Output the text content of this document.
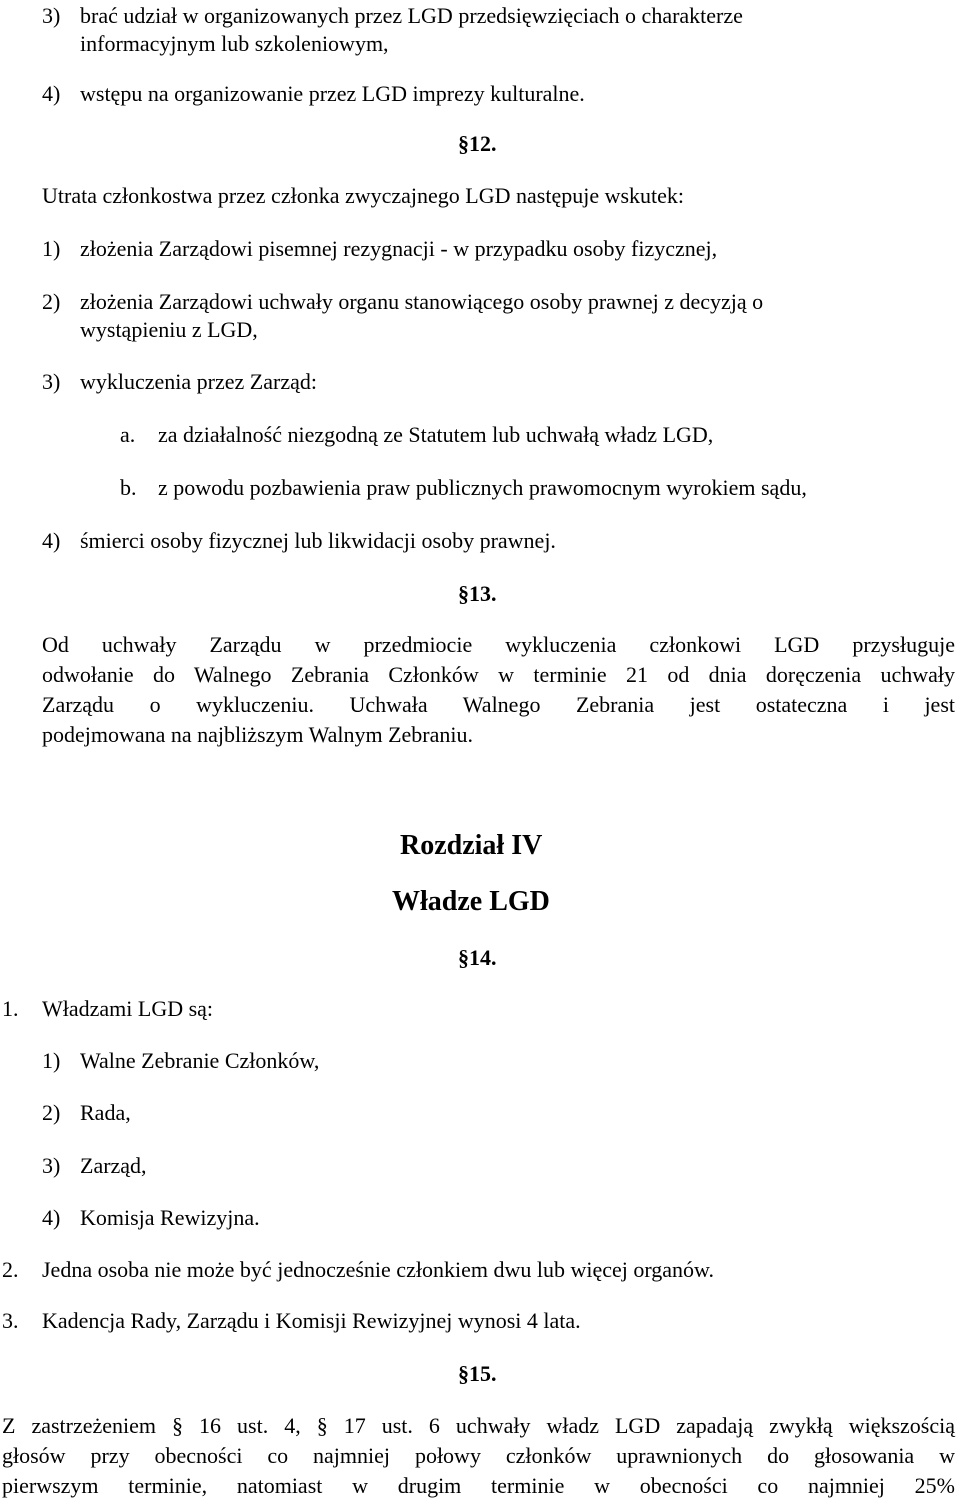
3) brać udział w organizowanych przez LGD przedsięwzięciach o charakterze
informacyjnym lub szkoleniowym,
4) wstępu na organizowanie przez LGD imprezy kulturalne.
§12.
Utrata członkostwa przez członka zwyczajnego LGD następuje wskutek:
1) złożenia Zarządowi pisemnej rezygnacji - w przypadku osoby fizycznej,
2) złożenia Zarządowi uchwały organu stanowiącego osoby prawnej z decyzją o
wystąpieniu z LGD,
3) wykluczenia przez Zarząd:
a. za działalność niezgodną ze Statutem lub uchwałą władz LGD,
b. z powodu pozbawienia praw publicznych prawomocnym wyrokiem sądu,
4) śmierci osoby fizycznej lub likwidacji osoby prawnej.
§13.
Od uchwały Zarządu w przedmiocie wykluczenia członkowi LGD przysługuje
odwołanie do Walnego Zebrania Członków w terminie 21 od dnia doręczenia uchwały
Zarządu o wykluczeniu. Uchwała Walnego Zebrania jest ostateczna i jest
podejmowana na najbliższym Walnym Zebraniu.
Rozdział IV
Władze LGD
§14.
1. Władzami LGD są:
1) Walne Zebranie Członków,
2) Rada,
3) Zarząd,
4) Komisja Rewizyjna.
2. Jedna osoba nie może być jednocześnie członkiem dwu lub więcej organów.
3. Kadencja Rady, Zarządu i Komisji Rewizyjnej wynosi 4 lata.
§15.
Z zastrzeżeniem § 16 ust. 4, § 17 ust. 6 uchwały władz LGD zapadają zwykłą większością
głosów przy obecności co najmniej połowy członków uprawnionych do głosowania w
pierwszym terminie, natomiast w drugim terminie w obecności co najmniej 25%
